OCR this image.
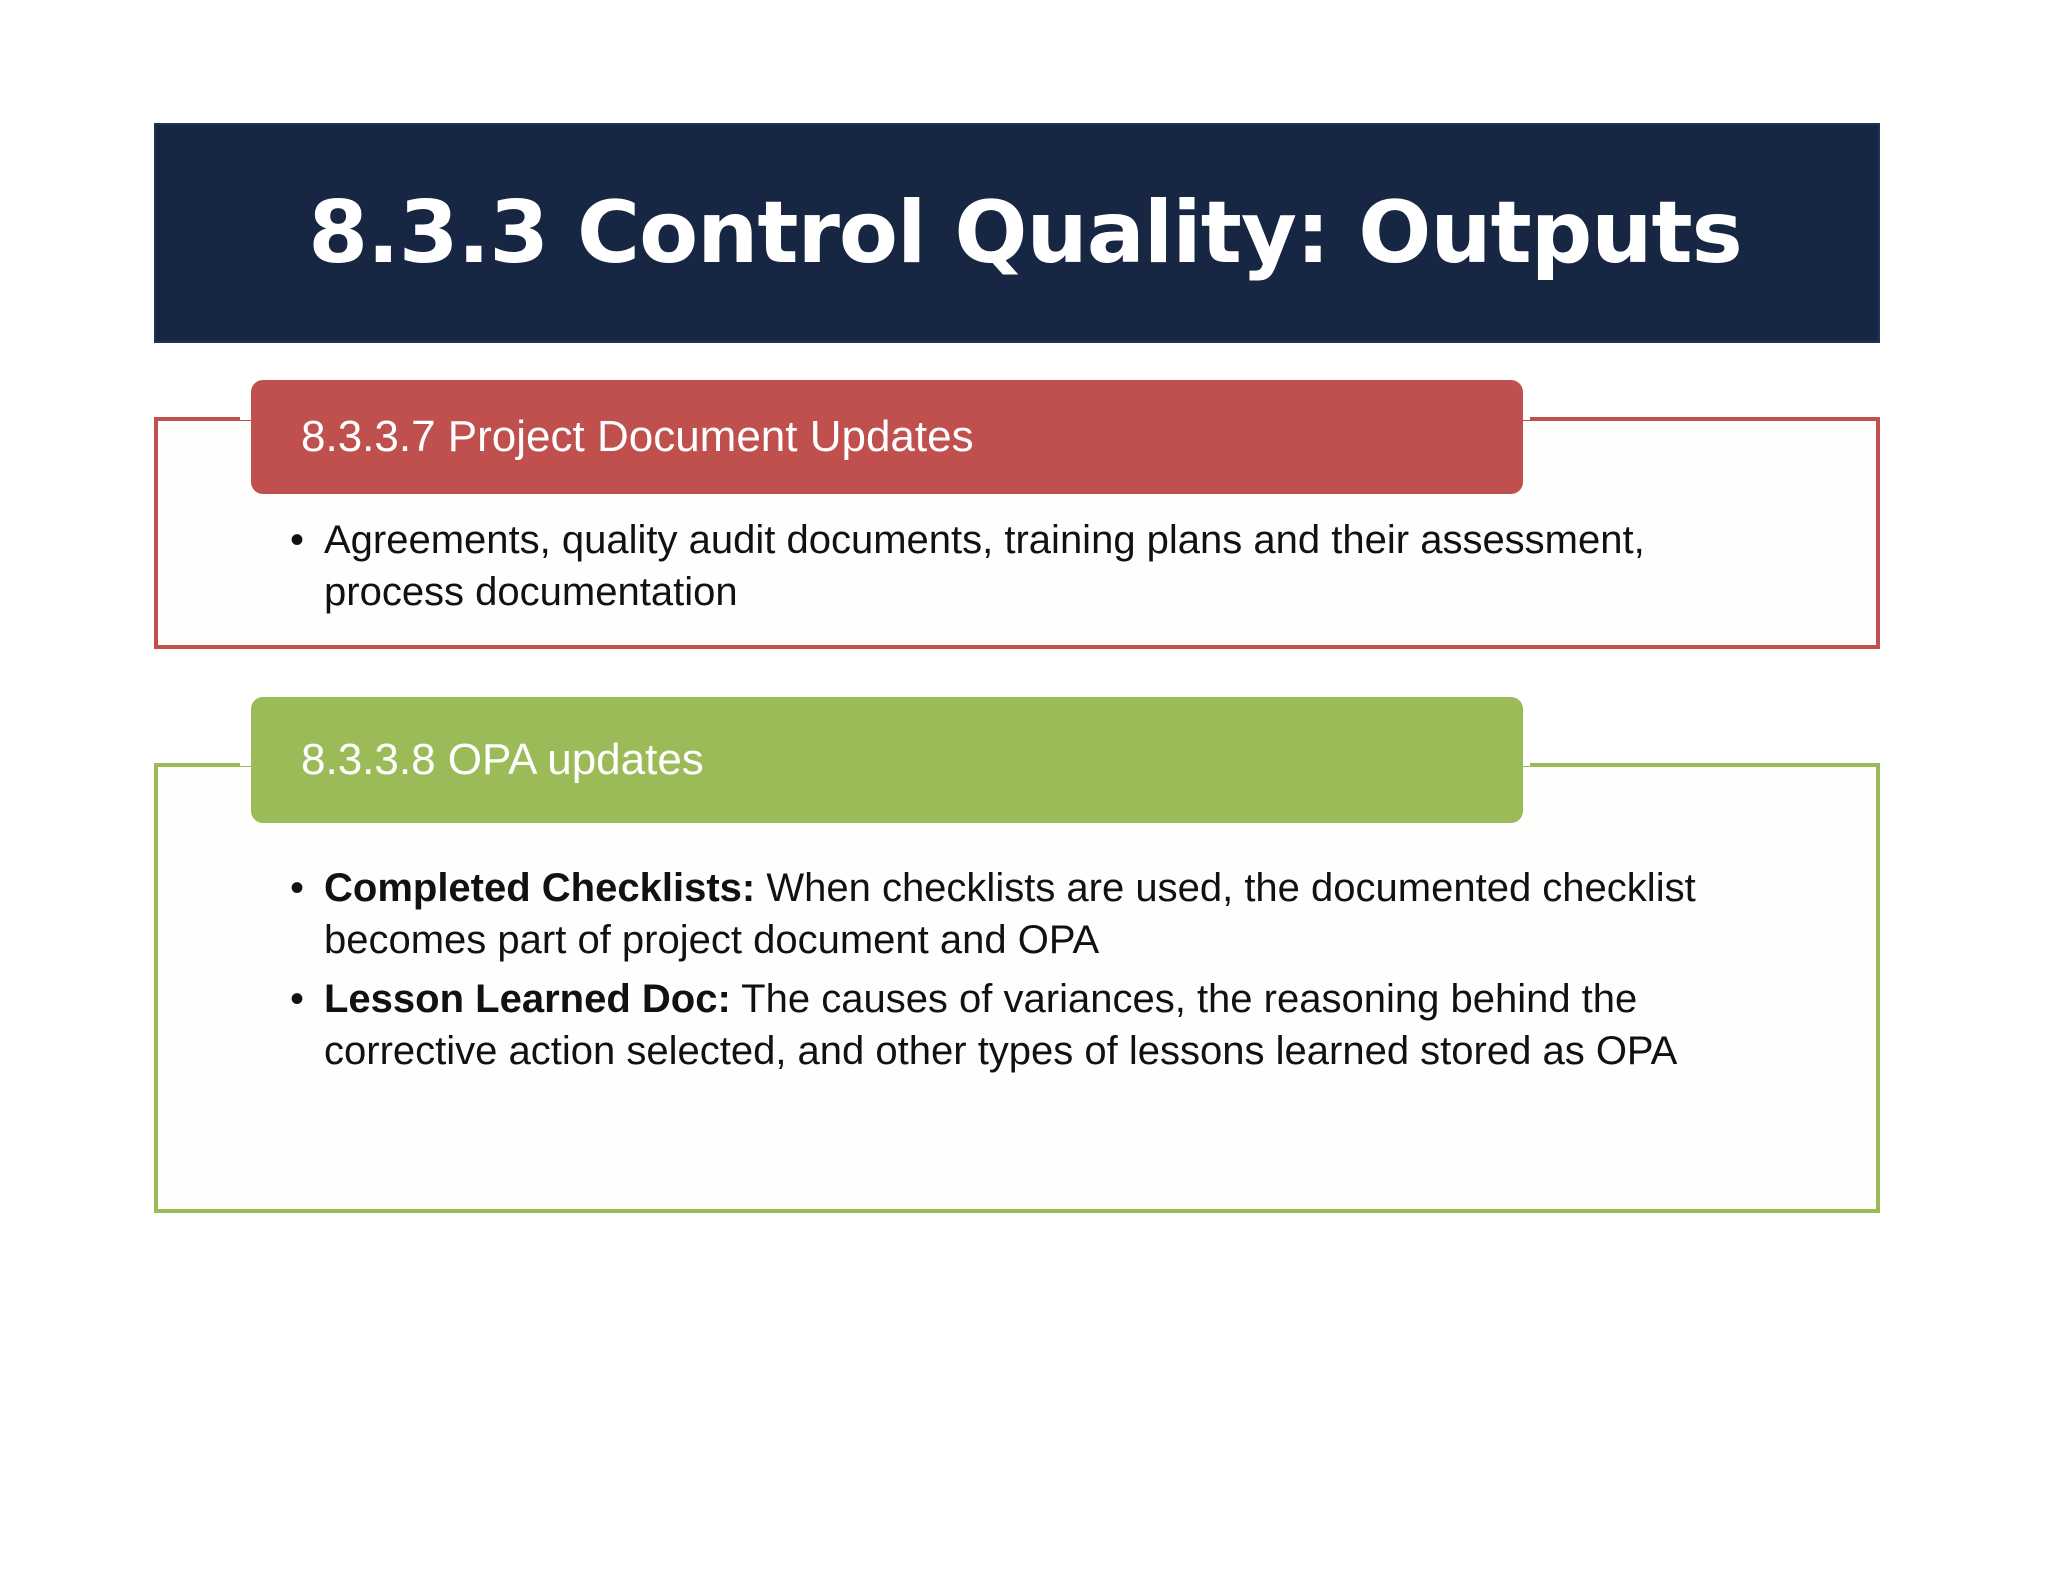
8.3.3 Control Quality: Outputs
8.3.3.7 Project Document Updates
• Agreements, quality audit documents, training plans and their assessment, process documentation
8.3.3.8 OPA updates
• Completed Checklists: When checklists are used, the documented checklist becomes part of project document and OPA
• Lesson Learned Doc: The causes of variances, the reasoning behind the corrective action selected, and other types of lessons learned stored as OPA
